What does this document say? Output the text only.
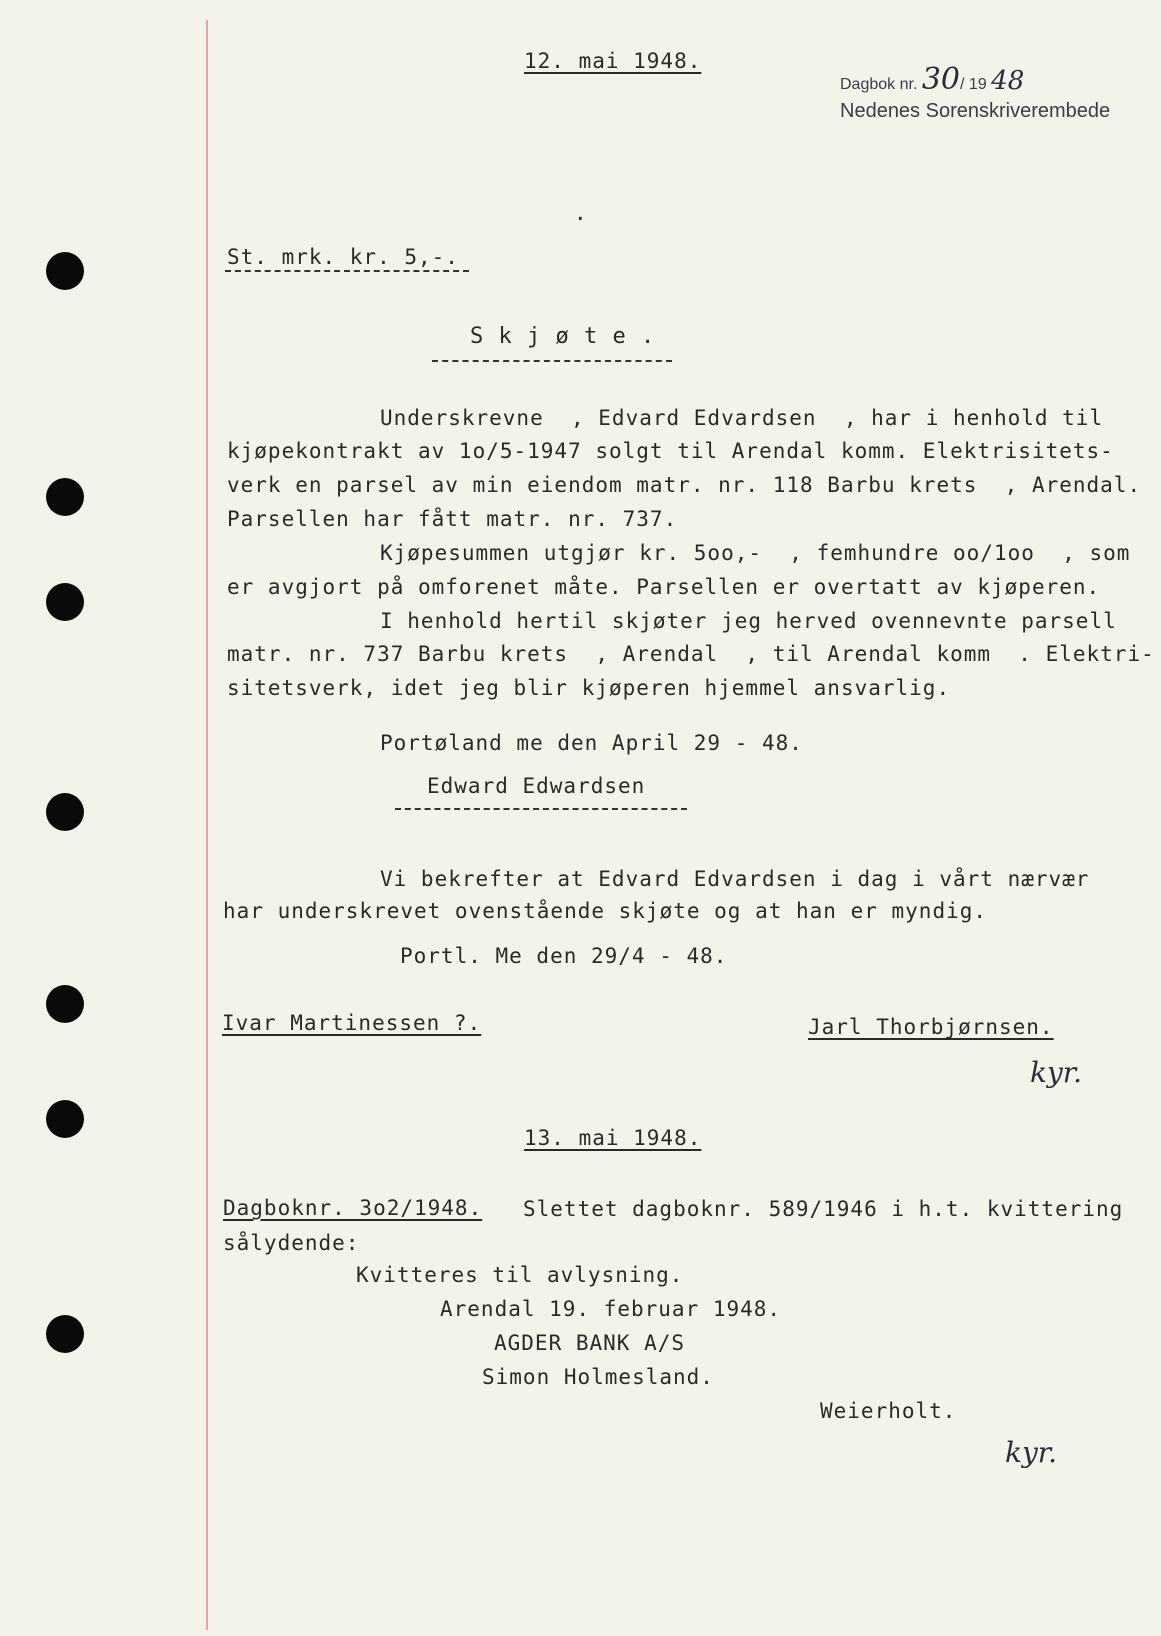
Dagbok nr. 30/ 19 48
Nedenes Sorenskriverembede
12. mai 1948.
·
St. mrk. kr. 5,-.
S k j ø t e .
Underskrevne  , Edvard Edvardsen  , har i henhold til
kjøpekontrakt av 1o/5-1947 solgt til Arendal komm. Elektrisitets-
verk en parsel av min eiendom matr. nr. 118 Barbu krets  , Arendal.
Parsellen har fått matr. nr. 737.
Kjøpesummen utgjør kr. 5oo,-  , femhundre oo/1oo  , som
er avgjort på omforenet måte. Parsellen er overtatt av kjøperen.
I henhold hertil skjøter jeg herved ovennevnte parsell
matr. nr. 737 Barbu krets  , Arendal  , til Arendal komm  . Elektri-
sitetsverk, idet jeg blir kjøperen hjemmel ansvarlig.
Portøland me den April 29 - 48.
Edward Edwardsen
Vi bekrefter at Edvard Edvardsen i dag i vårt nærvær
har underskrevet ovenstående skjøte og at han er myndig.
Portl. Me den 29/4 - 48.
Ivar Martinessen ?.	Jarl Thorbjørnsen.
kyr.
13. mai 1948.
Dagboknr. 3o2/1948. Slettet dagboknr. 589/1946 i h.t. kvittering
sålydende:
Kvitteres til avlysning.
Arendal 19. februar 1948.
AGDER BANK A/S
Simon Holmesland.
Weierholt.
kyr.
